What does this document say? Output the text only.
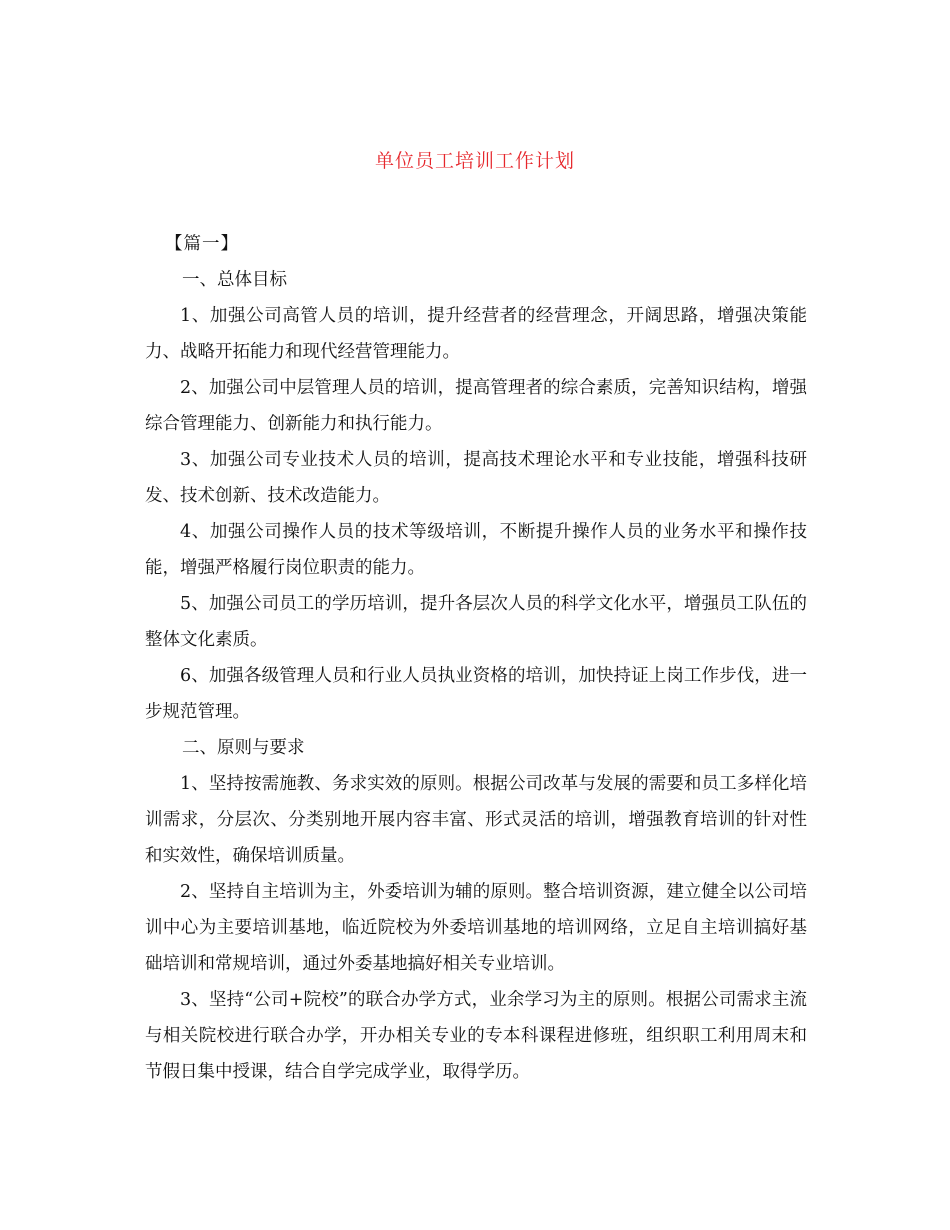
单位员工培训工作计划

【篇一】

一、总体目标

1、加强公司高管人员的培训，提升经营者的经营理念，开阔思路，增强决策能力、战略开拓能力和现代经营管理能力。

2、加强公司中层管理人员的培训，提高管理者的综合素质，完善知识结构，增强综合管理能力、创新能力和执行能力。

3、加强公司专业技术人员的培训，提高技术理论水平和专业技能，增强科技研发、技术创新、技术改造能力。

4、加强公司操作人员的技术等级培训，不断提升操作人员的业务水平和操作技能，增强严格履行岗位职责的能力。

5、加强公司员工的学历培训，提升各层次人员的科学文化水平，增强员工队伍的整体文化素质。

6、加强各级管理人员和行业人员执业资格的培训，加快持证上岗工作步伐，进一步规范管理。

二、原则与要求

1、坚持按需施教、务求实效的原则。根据公司改革与发展的需要和员工多样化培训需求，分层次、分类别地开展内容丰富、形式灵活的培训，增强教育培训的针对性和实效性，确保培训质量。

2、坚持自主培训为主，外委培训为辅的原则。整合培训资源，建立健全以公司培训中心为主要培训基地，临近院校为外委培训基地的培训网络，立足自主培训搞好基础培训和常规培训，通过外委基地搞好相关专业培训。

3、坚持“公司+院校”的联合办学方式，业余学习为主的原则。根据公司需求主流与相关院校进行联合办学，开办相关专业的专本科课程进修班，组织职工利用周末和节假日集中授课，结合自学完成学业，取得学历。
